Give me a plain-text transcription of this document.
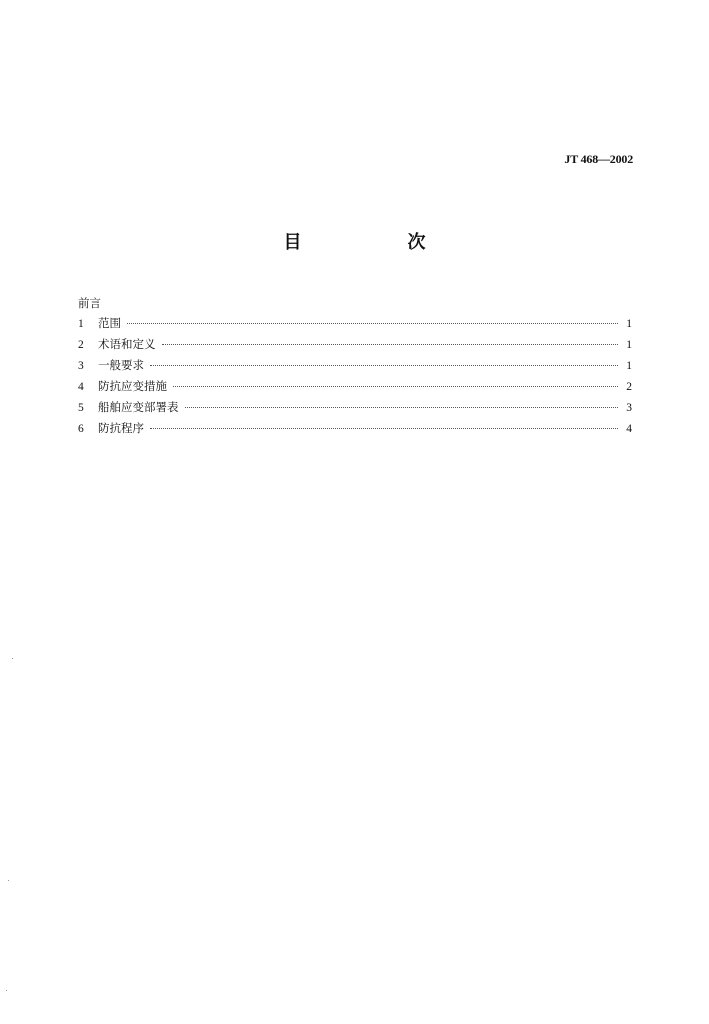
JT 468—2002
目　次
前言
1	范围	1
2	术语和定义	1
3	一般要求	1
4	防抗应变措施	2
5	船舶应变部署表	3
6	防抗程序	4
